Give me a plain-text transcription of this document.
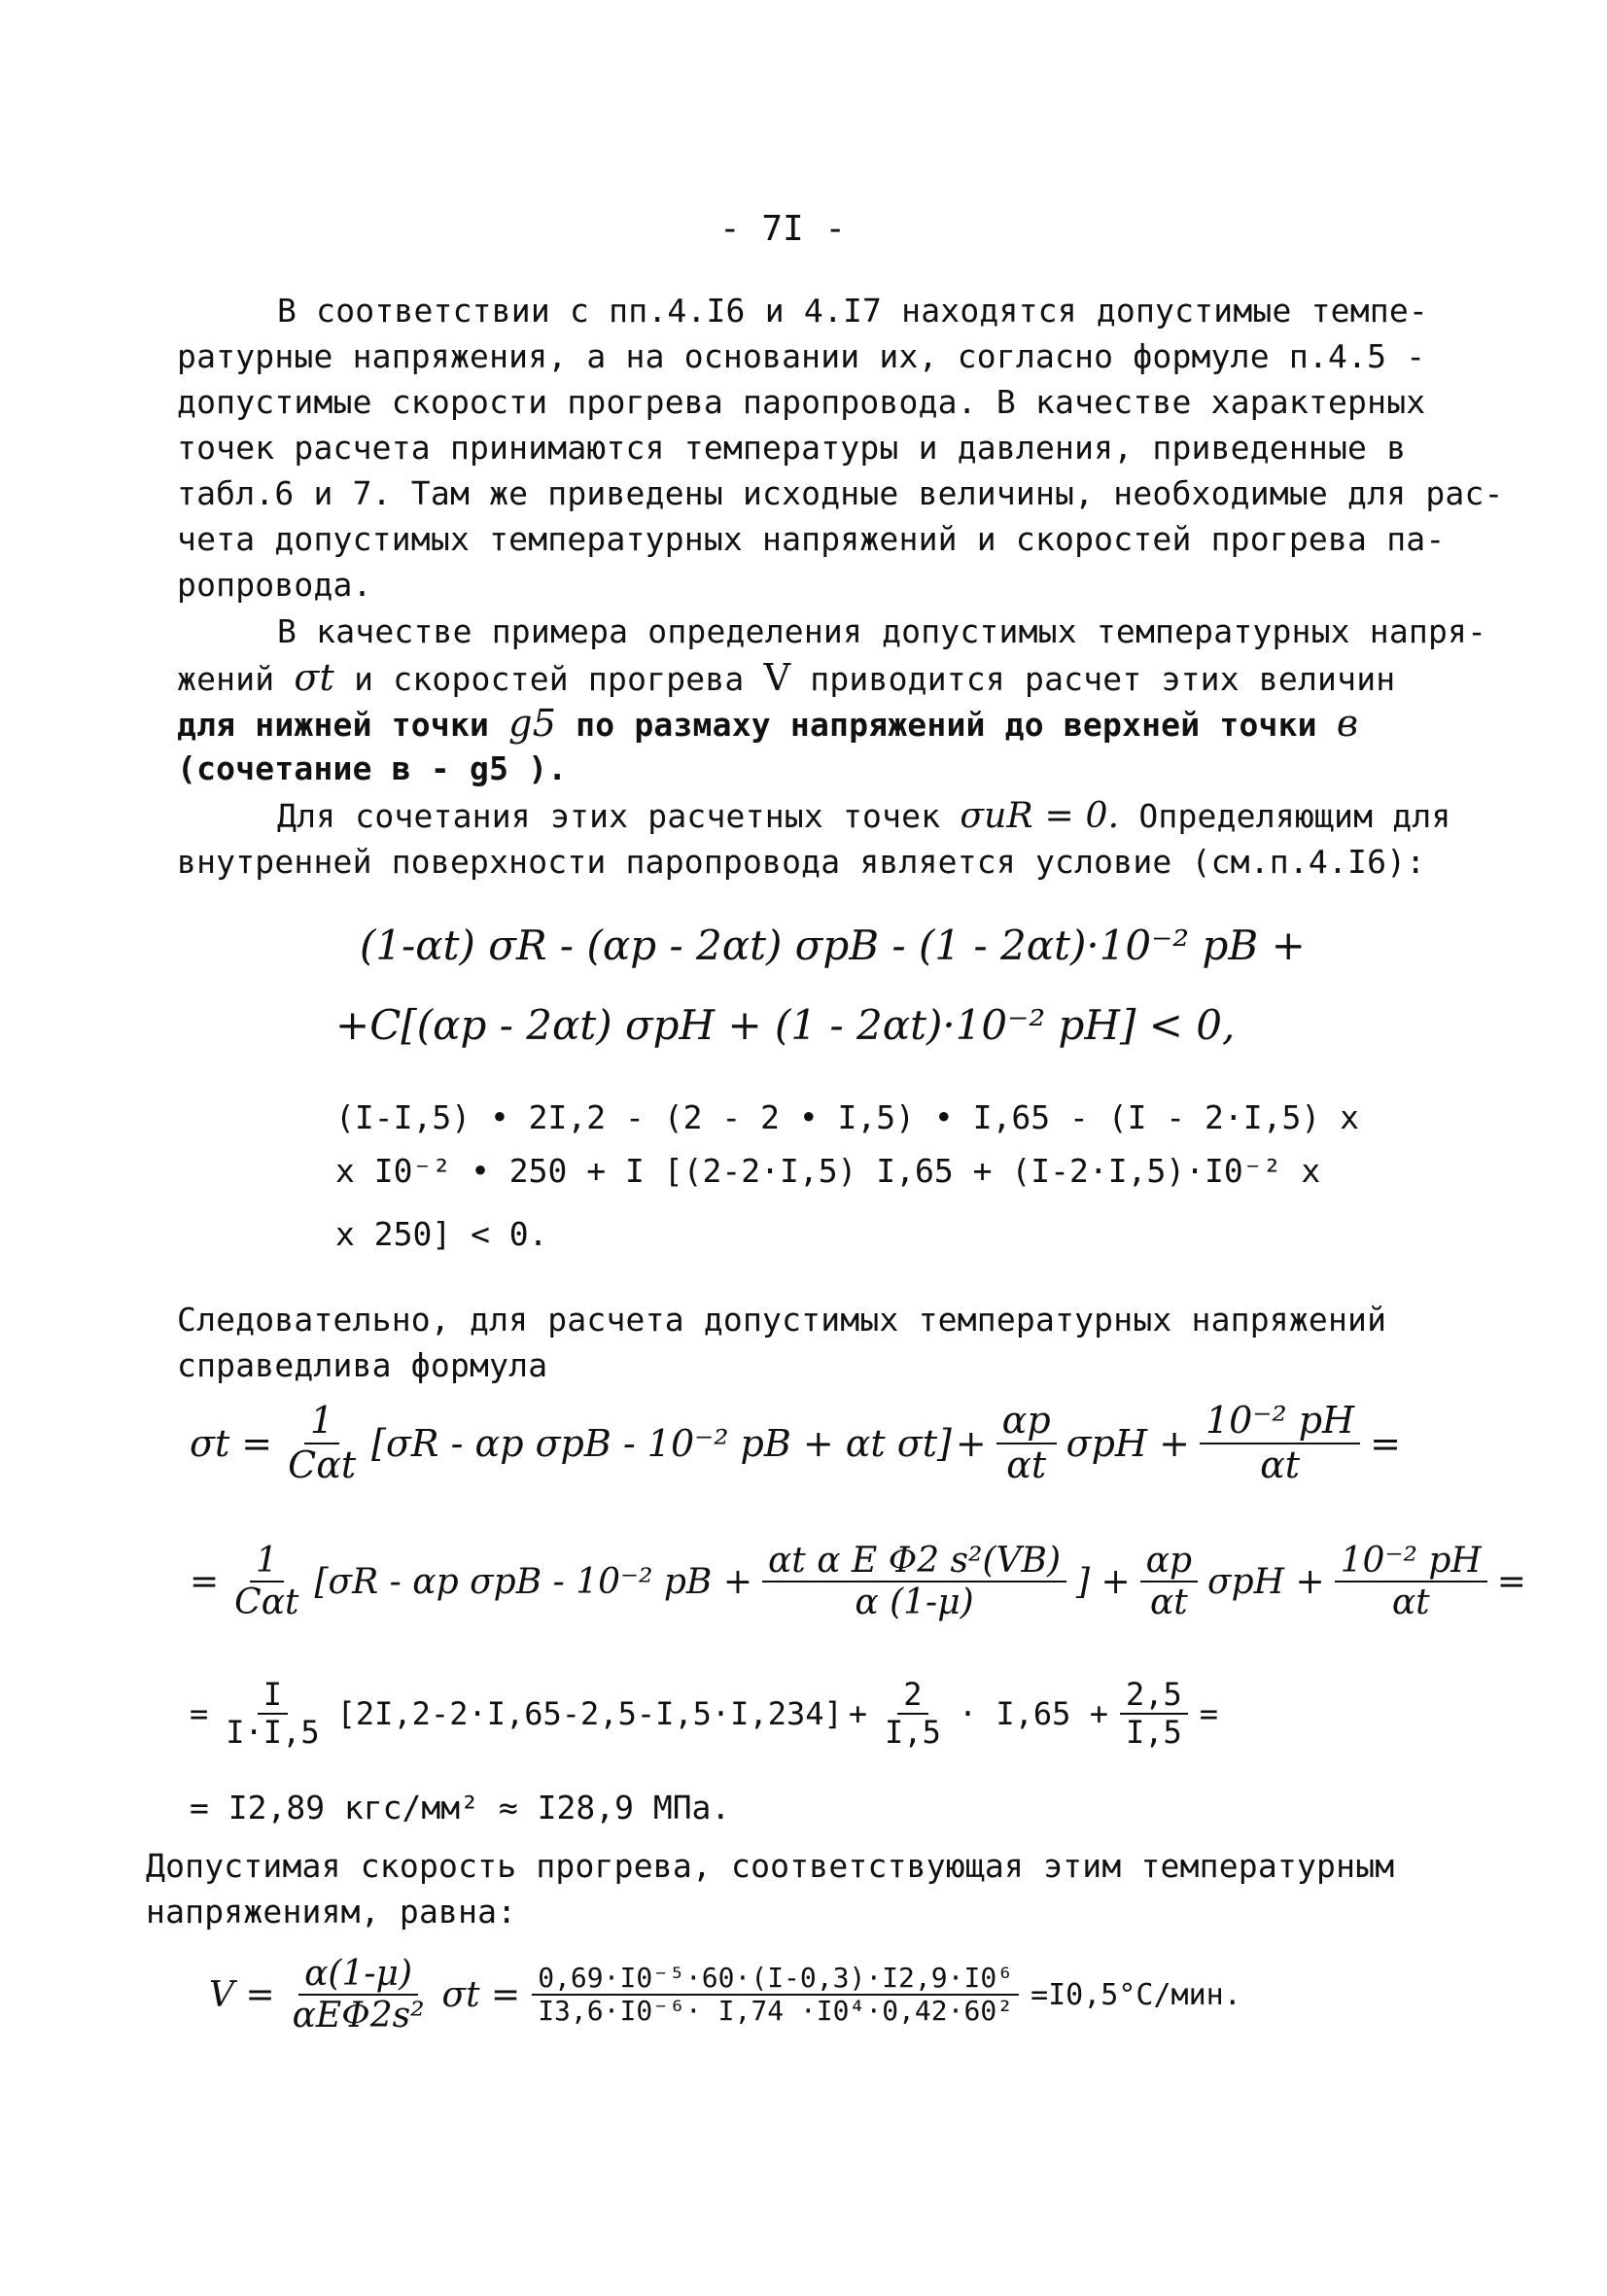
- 7I -
В соответствии с пп.4.I6 и 4.I7 находятся допустимые темпе-
ратурные напряжения, а на основании их, согласно формуле п.4.5 -
допустимые скорости прогрева паропровода. В качестве характерных
точек расчета принимаются температуры и давления, приведенные в
табл.6 и 7. Там же приведены исходные величины, необходимые для рас-
чета допустимых температурных напряжений и скоростей прогрева па-
ропровода.
В качестве примера определения допустимых температурных напря-
жений σt и скоростей прогрева V приводится расчет этих величин
для нижней точки g5 по размаху напряжений до верхней точки в
(сочетание в - g5 ).
Для сочетания этих расчетных точек σиR = 0. Определяющим для
внутренней поверхности паропровода является условие (см.п.4.I6):
(1-αt) σR - (αp - 2αt) σpB - (1 - 2αt)·10⁻² pB +
+C[(αp - 2αt) σpH + (1 - 2αt)·10⁻² pH] < 0,
(I-I,5) • 2I,2 - (2 - 2 • I,5) • I,65 - (I - 2·I,5) x
x I0⁻² • 250 + I [(2-2·I,5) I,65 + (I-2·I,5)·I0⁻² x
x 250] < 0.
Следовательно, для расчета допустимых температурных напряжений
справедлива формула
$\sigma t = \frac{1}{\text{Cαt}} [\sigma R - \alpha p$ σpB - 10⁻² pB + αt $\sigma t] + \frac{\alpha p}{\alpha t}$ $\sigma pH + \frac{\text{10⁻² pH}}{\alpha t}$ =
= $\frac{1}{\text{Cαt}} [\sigma R$ - αp σpB - 10⁻² pB + $\frac{\text{αt α E Φ2 s²(VB)}}{\alpha (1-\mu)}$ ] + $\frac{\alpha p}{\alpha t}$ $\sigma pH + \frac{\text{10⁻² pH}}{\alpha t}$ =
= $\frac{I}{I\cdot I,5} [2I,2-2\cdot I,65-2,5-I,5\cdot I,234] + \frac{2}{I,5} \cdot I,65 + \frac{2,5}{I,5}$ =
= I2,89 кгс/мм² ≈ I28,9 МПа.
Допустимая скорость прогрева, соответствующая этим температурным
напряжениям, равна:
$V = \frac{\alpha(1-\mu)}{\text{αEΦ2s²}}$ $\sigma t = \frac{\text{0,69·I0⁻⁵·60·(I-0,3)·I2,9·I0⁶}}{\text{I3,6·I0⁻⁶· I,74 ·I0⁴·0,42·60²}} =I0,5^\circ C/мин$.
